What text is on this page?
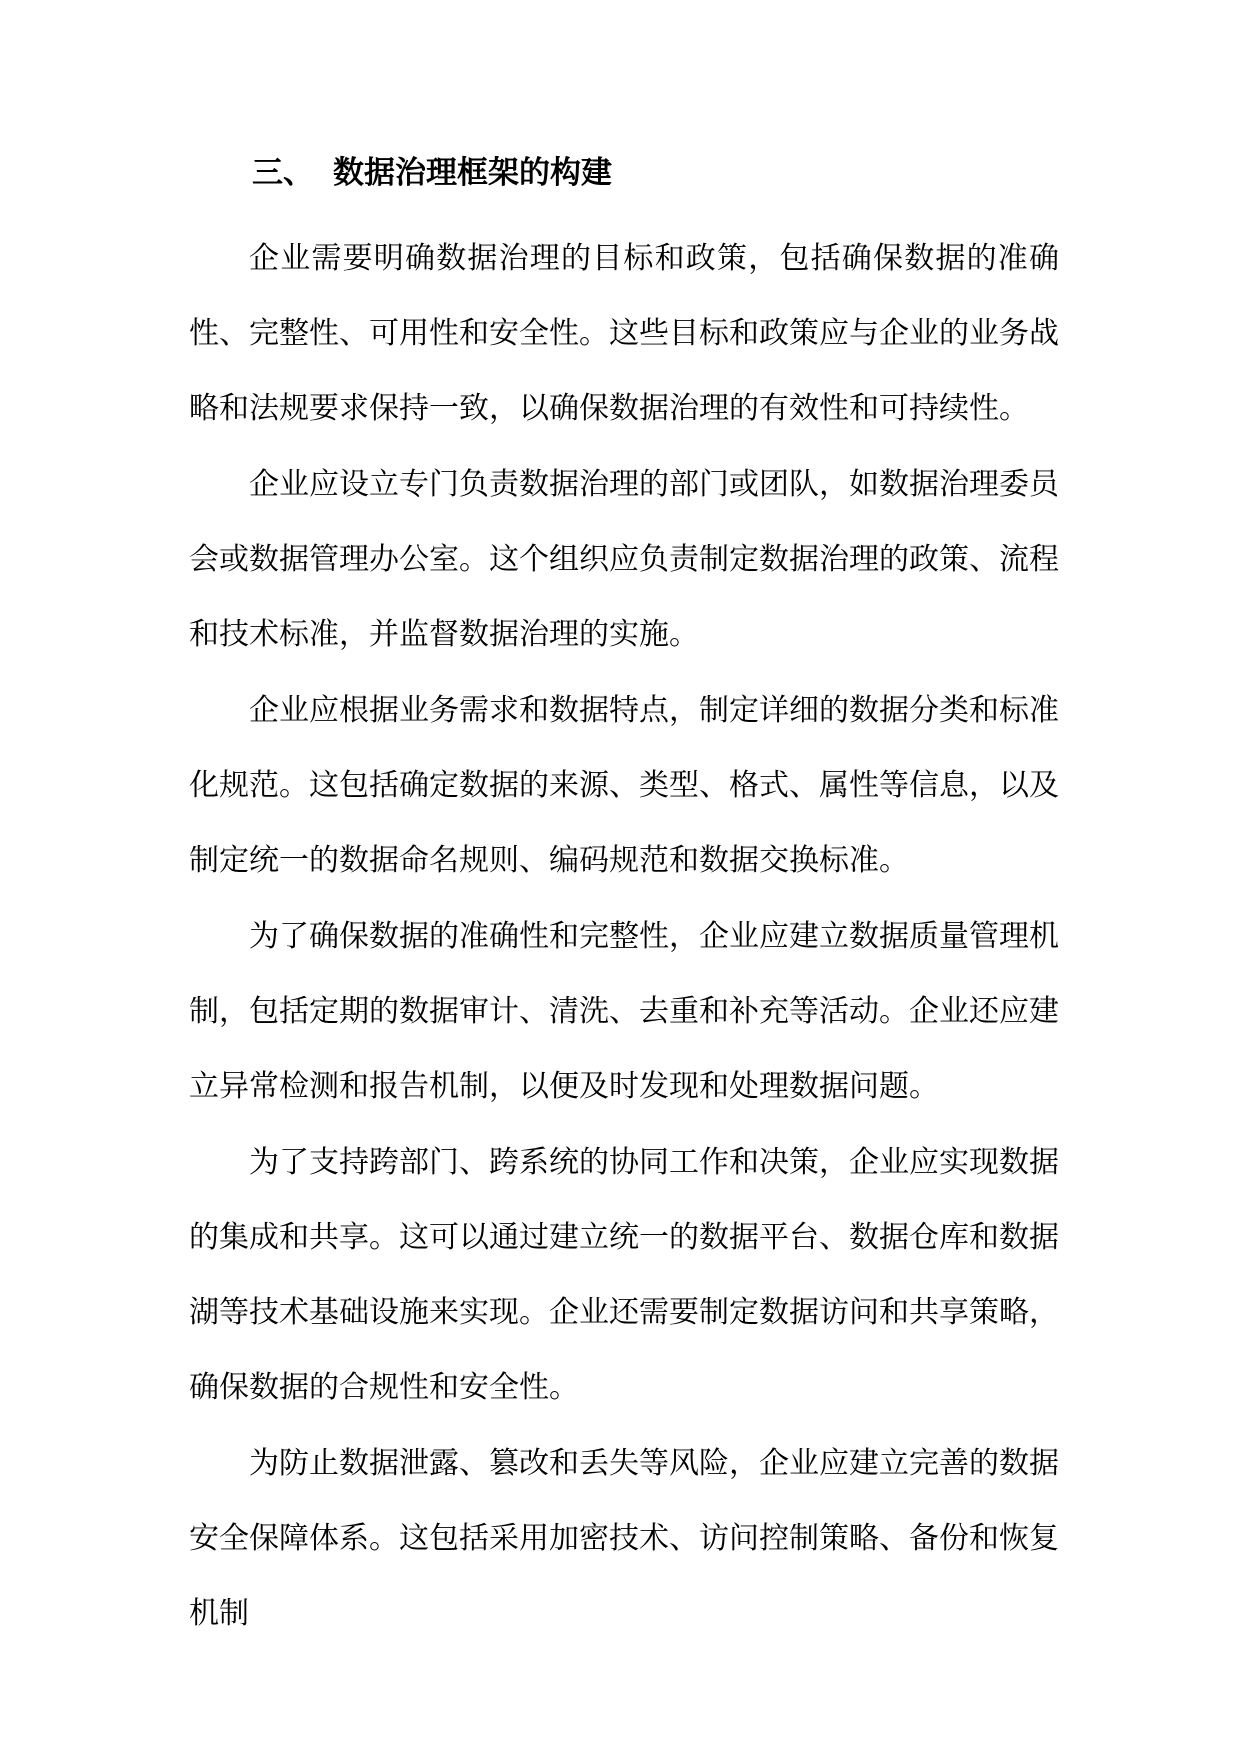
三、 数据治理框架的构建

企业需要明确数据治理的目标和政策，包括确保数据的准确性、完整性、可用性和安全性。这些目标和政策应与企业的业务战略和法规要求保持一致，以确保数据治理的有效性和可持续性。

企业应设立专门负责数据治理的部门或团队，如数据治理委员会或数据管理办公室。这个组织应负责制定数据治理的政策、流程和技术标准，并监督数据治理的实施。

企业应根据业务需求和数据特点，制定详细的数据分类和标准化规范。这包括确定数据的来源、类型、格式、属性等信息，以及制定统一的数据命名规则、编码规范和数据交换标准。

为了确保数据的准确性和完整性，企业应建立数据质量管理机制，包括定期的数据审计、清洗、去重和补充等活动。企业还应建立异常检测和报告机制，以便及时发现和处理数据问题。

为了支持跨部门、跨系统的协同工作和决策，企业应实现数据的集成和共享。这可以通过建立统一的数据平台、数据仓库和数据湖等技术基础设施来实现。企业还需要制定数据访问和共享策略，确保数据的合规性和安全性。

为防止数据泄露、篡改和丢失等风险，企业应建立完善的数据安全保障体系。这包括采用加密技术、访问控制策略、备份和恢复机制
